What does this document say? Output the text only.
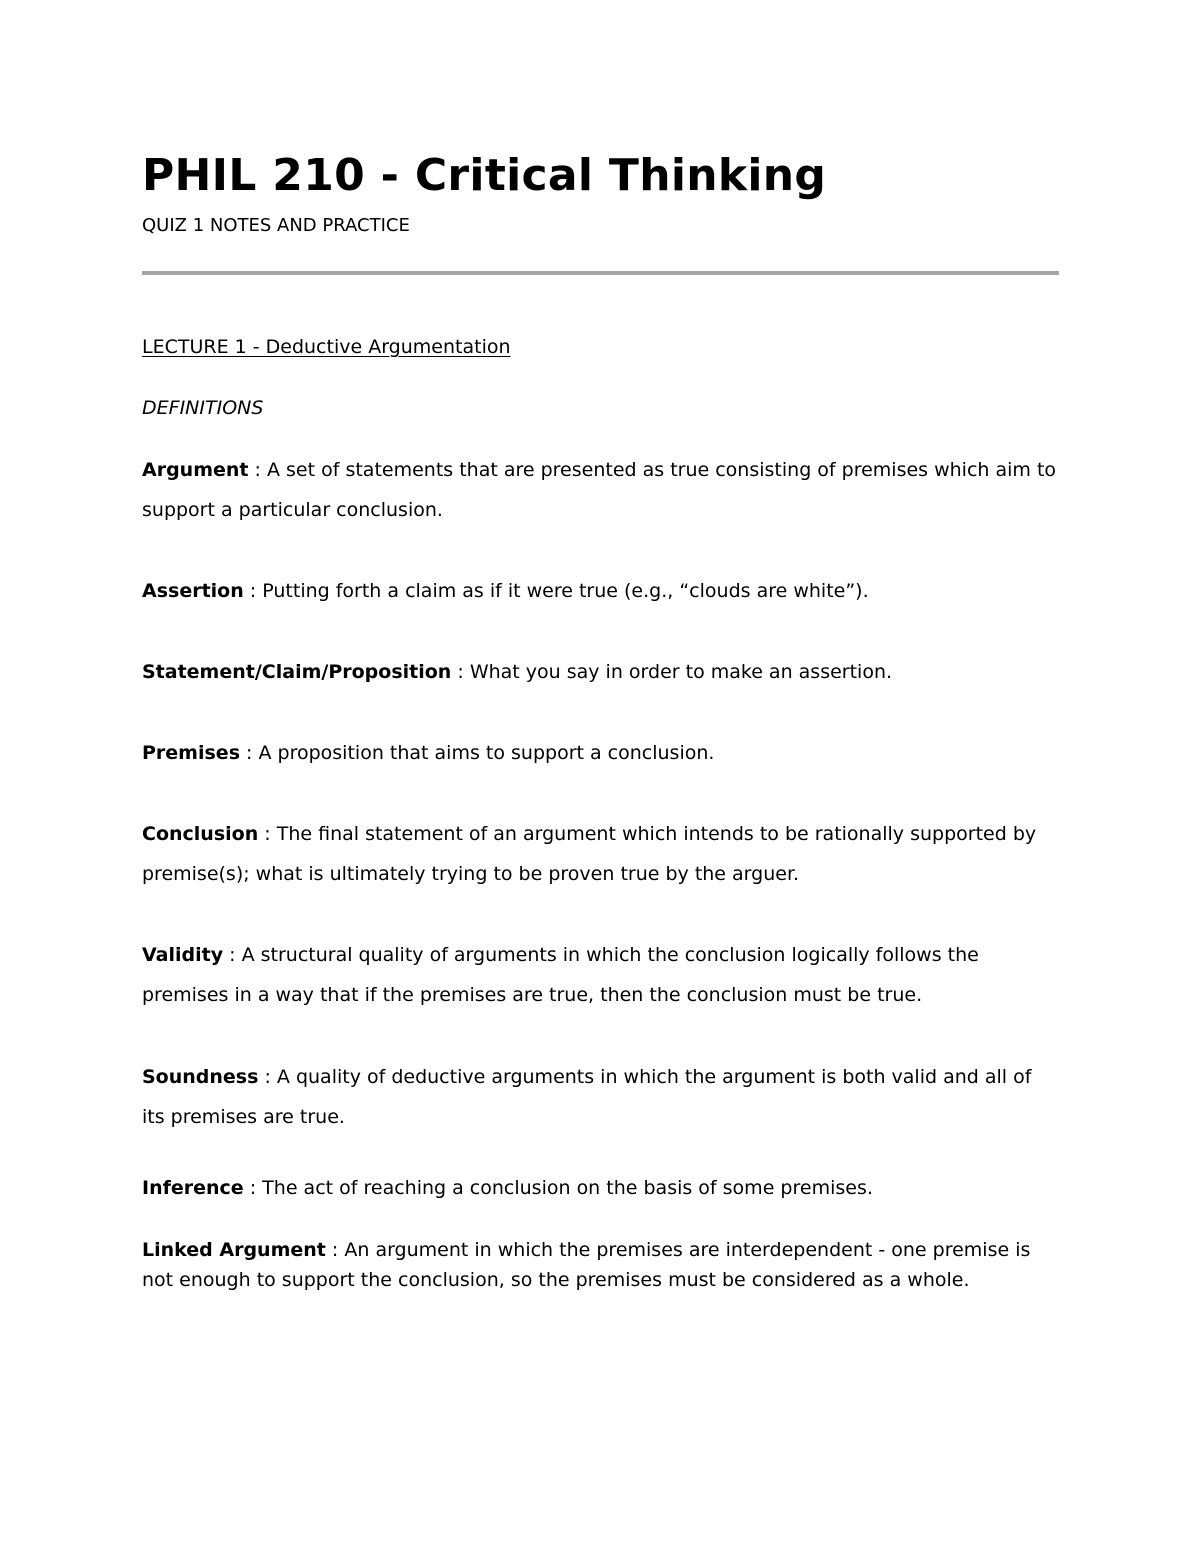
PHIL 210 - Critical Thinking
QUIZ 1 NOTES AND PRACTICE
LECTURE 1 - Deductive Argumentation
DEFINITIONS
Argument : A set of statements that are presented as true consisting of premises which aim to support a particular conclusion.
Assertion : Putting forth a claim as if it were true (e.g., “clouds are white”).
Statement/Claim/Proposition : What you say in order to make an assertion.
Premises : A proposition that aims to support a conclusion.
Conclusion : The final statement of an argument which intends to be rationally supported by premise(s); what is ultimately trying to be proven true by the arguer.
Validity : A structural quality of arguments in which the conclusion logically follows the premises in a way that if the premises are true, then the conclusion must be true.
Soundness : A quality of deductive arguments in which the argument is both valid and all of its premises are true.
Inference : The act of reaching a conclusion on the basis of some premises.
Linked Argument : An argument in which the premises are interdependent - one premise is not enough to support the conclusion, so the premises must be considered as a whole.
